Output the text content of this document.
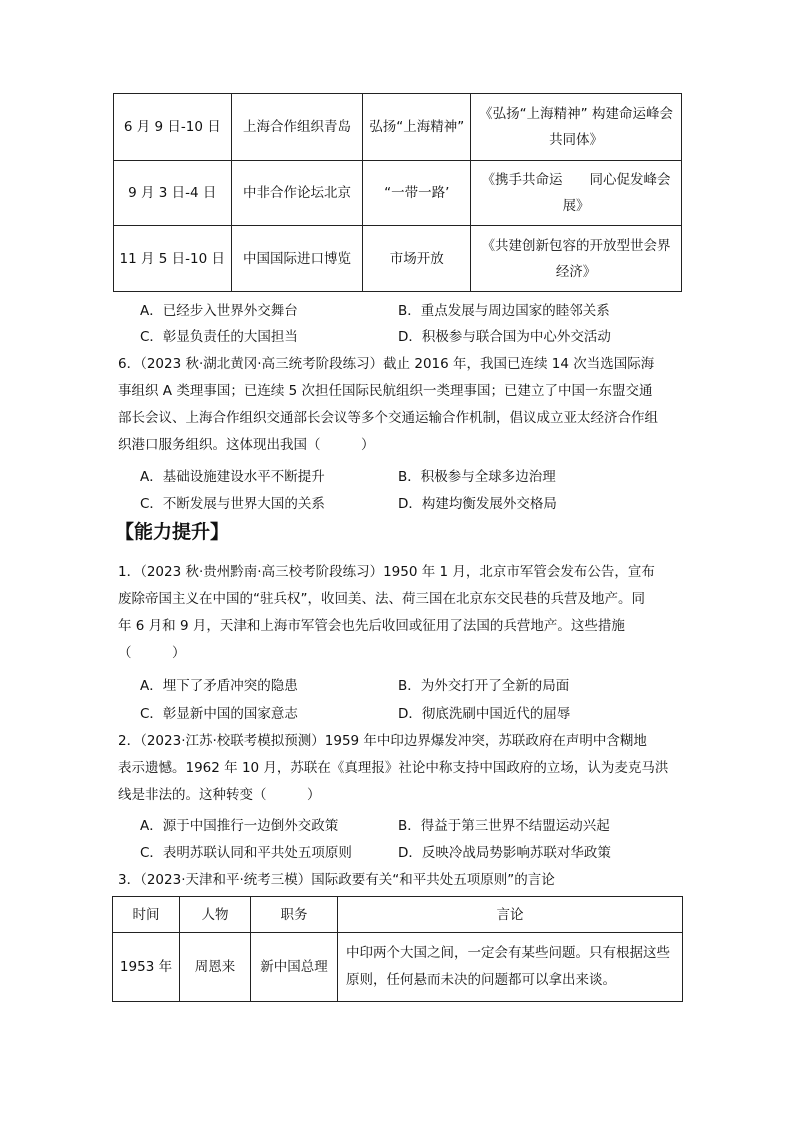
6 月 9 日-10 日	上海合作组织青岛	弘扬“上海精神”	《弘扬“上海精神” 构建命运峰会共同体》
9 月 3 日-4 日	中非合作论坛北京	“一带一路’	《携手共命运　　同心促发峰会展》
11 月 5 日-10 日	中国国际进口博览	市场开放	《共建创新包容的开放型世会界经济》
A．已经步入世界外交舞台	B．重点发展与周边国家的睦邻关系
C．彰显负责任的大国担当	D．积极参与联合国为中心外交活动
6．（2023 秋·湖北黄冈·高三统考阶段练习）截止 2016 年，我国已连续 14 次当选国际海
事组织 A 类理事国；已连续 5 次担任国际民航组织一类理事国；已建立了中国一东盟交通
部长会议、上海合作组织交通部长会议等多个交通运输合作机制，倡议成立亚太经济合作组
织港口服务组织。这体现出我国（　　　）
A．基础设施建设水平不断提升	B．积极参与全球多边治理
C．不断发展与世界大国的关系	D．构建均衡发展外交格局
【能力提升】
1．（2023 秋·贵州黔南·高三校考阶段练习）1950 年 1 月，北京市军管会发布公告，宣布
废除帝国主义在中国的“驻兵权”，收回美、法、荷三国在北京东交民巷的兵营及地产。同
年 6 月和 9 月，天津和上海市军管会也先后收回或征用了法国的兵营地产。这些措施
（　　　）
A．埋下了矛盾冲突的隐患	B．为外交打开了全新的局面
C．彰显新中国的国家意志	D．彻底洗刷中国近代的屈辱
2．（2023·江苏·校联考模拟预测）1959 年中印边界爆发冲突，苏联政府在声明中含糊地
表示遗憾。1962 年 10 月，苏联在《真理报》社论中称支持中国政府的立场，认为麦克马洪
线是非法的。这种转变（　　　）
A．源于中国推行一边倒外交政策	B．得益于第三世界不结盟运动兴起
C．表明苏联认同和平共处五项原则	D．反映冷战局势影响苏联对华政策
3．（2023·天津和平·统考三模）国际政要有关“和平共处五项原则”的言论
时间	人物	职务	言论
1953 年	周恩来	新中国总理	中印两个大国之间，一定会有某些问题。只有根据这些原则，任何悬而未决的问题都可以拿出来谈。
